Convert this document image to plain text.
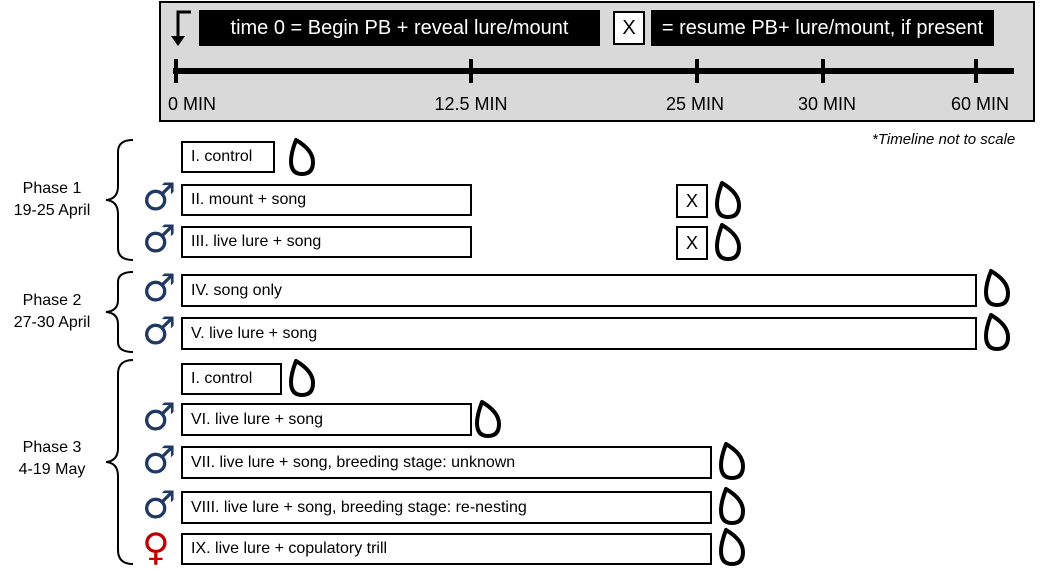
time 0 = Begin PB + reveal lure/mount	X	= resume PB+ lure/mount, if present
0 MIN	12.5 MIN	25 MIN	30 MIN	60 MIN
*Timeline not to scale
Phase 1
19-25 April
Phase 2
27-30 April
Phase 3
4-19 May
I. control
II. mount + song
III. live lure + song
IV. song only
V. live lure + song
I. control
VI. live lure + song
VII. live lure + song, breeding stage: unknown
VIII. live lure + song, breeding stage: re-nesting
IX. live lure + copulatory trill
X
X
♂
♂
♂
♂
♂
♂
♂
♀
